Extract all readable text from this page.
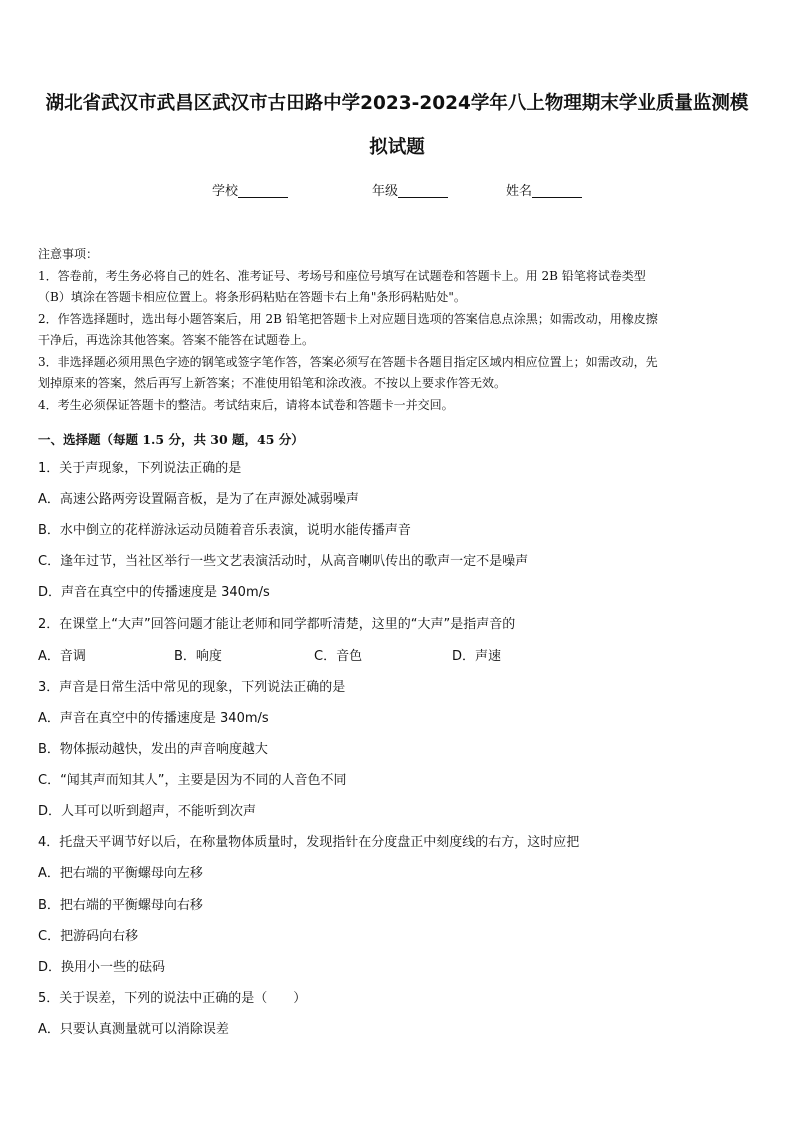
湖北省武汉市武昌区武汉市古田路中学2023-2024学年八上物理期末学业质量监测模
拟试题
学校	年级	姓名
注意事项：
1．答卷前，考生务必将自己的姓名、准考证号、考场号和座位号填写在试题卷和答题卡上。用 2B 铅笔将试卷类型
（B）填涂在答题卡相应位置上。将条形码粘贴在答题卡右上角"条形码粘贴处"。
2．作答选择题时，选出每小题答案后，用 2B 铅笔把答题卡上对应题目选项的答案信息点涂黑；如需改动，用橡皮擦
干净后，再选涂其他答案。答案不能答在试题卷上。
3．非选择题必须用黑色字迹的钢笔或签字笔作答，答案必须写在答题卡各题目指定区域内相应位置上；如需改动，先
划掉原来的答案，然后再写上新答案；不准使用铅笔和涂改液。不按以上要求作答无效。
4．考生必须保证答题卡的整洁。考试结束后，请将本试卷和答题卡一并交回。
一、选择题（每题 1.5 分，共 30 题，45 分）
1．关于声现象，下列说法正确的是
A．高速公路两旁设置隔音板，是为了在声源处减弱噪声
B．水中倒立的花样游泳运动员随着音乐表演，说明水能传播声音
C．逢年过节，当社区举行一些文艺表演活动时，从高音喇叭传出的歌声一定不是噪声
D．声音在真空中的传播速度是 340m/s
2．在课堂上“大声”回答问题才能让老师和同学都听清楚，这里的“大声”是指声音的
A．音调	B．响度	C．音色	D．声速
3．声音是日常生活中常见的现象，下列说法正确的是
A．声音在真空中的传播速度是 340m/s
B．物体振动越快，发出的声音响度越大
C．“闻其声而知其人”，主要是因为不同的人音色不同
D．人耳可以听到超声，不能听到次声
4．托盘天平调节好以后，在称量物体质量时，发现指针在分度盘正中刻度线的右方，这时应把
A．把右端的平衡螺母向左移
B．把右端的平衡螺母向右移
C．把游码向右移
D．换用小一些的砝码
5．关于误差，下列的说法中正确的是（　　）
A．只要认真测量就可以消除误差
